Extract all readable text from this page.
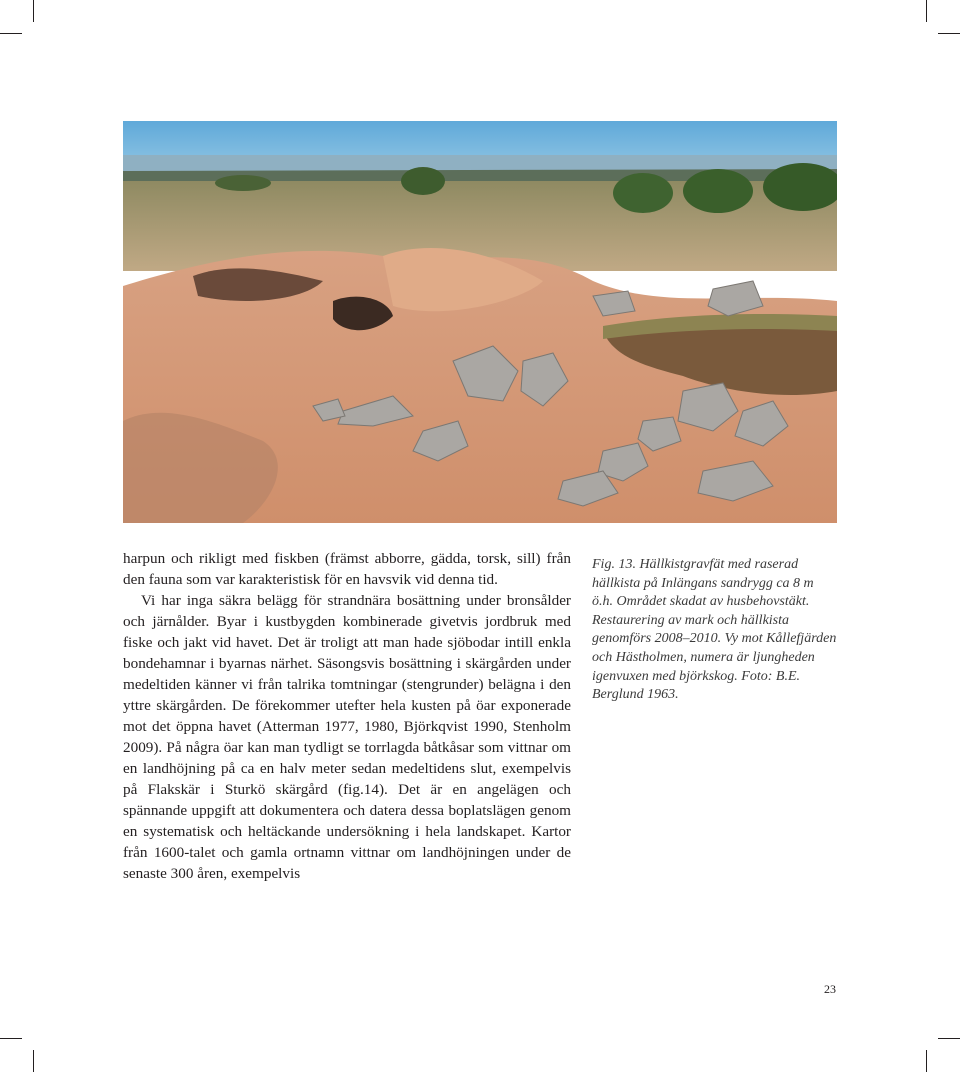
harpun och rikligt med fiskben (främst abborre, gädda, torsk, sill) från den fauna som var karakteristisk för en havsvik vid denna tid.

Vi har inga säkra belägg för strandnära bosättning under bronsålder och järnålder. Byar i kustbygden kombinerade givetvis jordbruk med fiske och jakt vid havet. Det är troligt att man hade sjöbodar intill enkla bondehamnar i byarnas närhet. Säsongsvis bosättning i skärgården under medeltiden känner vi från talrika tomtningar (stengrunder) belägna i den yttre skärgården. De förekommer utefter hela kusten på öar exponerade mot det öppna havet (Atterman 1977, 1980, Björkqvist 1990, Stenholm 2009). På några öar kan man tydligt se torrlagda båtkåsar som vittnar om en landhöjning på ca en halv meter sedan medeltidens slut, exempelvis på Flakskär i Sturkö skärgård (fig.14). Det är en angelägen och spännande uppgift att dokumentera och datera dessa boplatslägen genom en systematisk och heltäckande undersökning i hela landskapet. Kartor från 1600-talet och gamla ortnamn vittnar om landhöjningen under de senaste 300 åren, exempelvis

Fig. 13. Hällkistgravfät med raserad hällkista på Inlängans sandrygg ca 8 m ö.h. Området skadat av husbehovstäkt. Restaurering av mark och hällkista genomförs 2008–2010. Vy mot Kållefjärden och Hästholmen, numera är ljungheden igenvuxen med björkskog. Foto: B.E. Berglund 1963.

23
